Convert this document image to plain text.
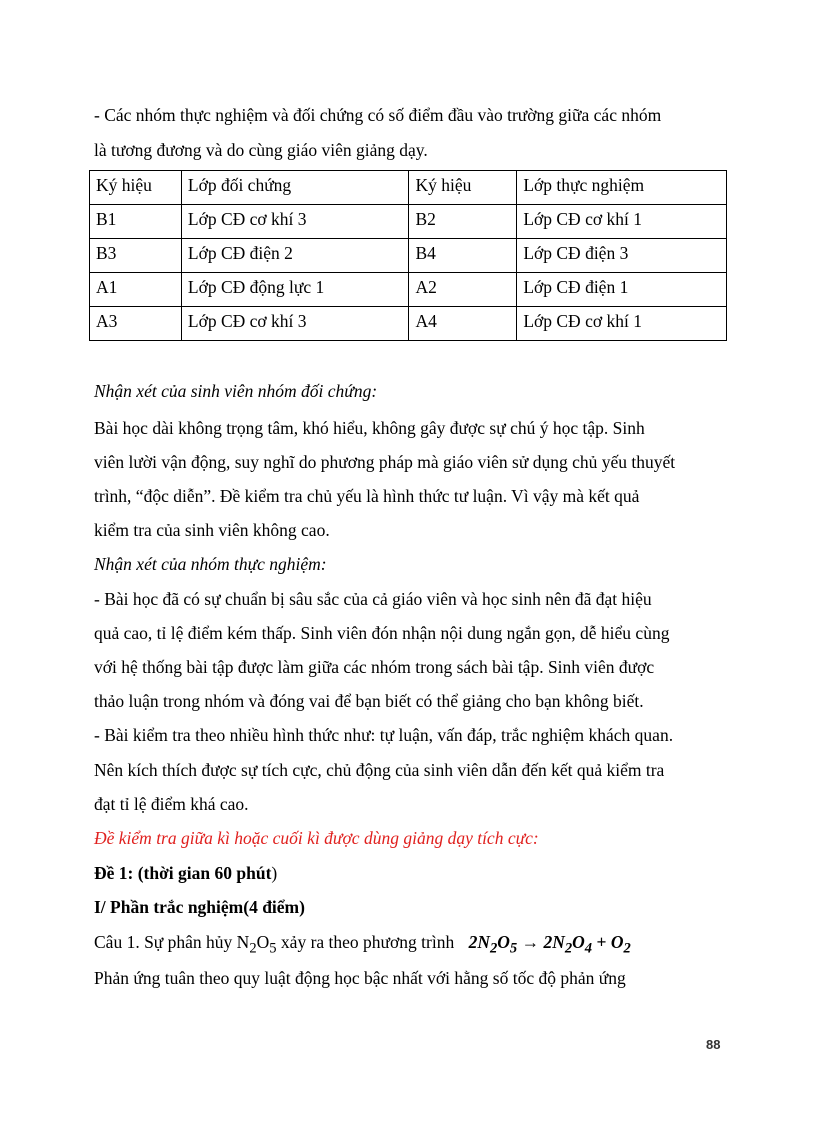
- Các nhóm thực nghiệm và đối chứng có số điểm đầu vào trường giữa các nhóm
là tương đương và do cùng giáo viên giảng dạy.
Ký hiệu	Lớp đối chứng	Ký hiệu	Lớp thực nghiệm
B1	Lớp CĐ cơ khí 3	B2	Lớp CĐ cơ khí 1
B3	Lớp CĐ điện 2	B4	Lớp CĐ điện 3
A1	Lớp CĐ động lực 1	A2	Lớp CĐ điện 1
A3	Lớp CĐ cơ khí 3	A4	Lớp CĐ cơ khí 1
Nhận xét của sinh viên nhóm đối chứng:
Bài học dài không trọng tâm, khó hiểu, không gây được sự chú ý học tập. Sinh
viên lười vận động, suy nghĩ do phương pháp mà giáo viên sử dụng chủ yếu thuyết
trình, “độc diễn”. Đề kiểm tra chủ yếu là hình thức tư luận. Vì vậy mà kết quả
kiểm tra của sinh viên không cao.
Nhận xét của nhóm thực nghiệm:
- Bài học đã có sự chuẩn bị sâu sắc của cả giáo viên và học sinh nên đã đạt hiệu
quả cao, tỉ lệ điểm kém thấp. Sinh viên đón nhận nội dung ngắn gọn, dễ hiểu cùng
với hệ thống bài tập được làm giữa các nhóm trong sách bài tập. Sinh viên được
thảo luận trong nhóm và đóng vai để bạn biết có thể giảng cho bạn không biết.
- Bài kiểm tra theo nhiều hình thức như: tự luận, vấn đáp, trắc nghiệm khách quan.
Nên kích thích được sự tích cực, chủ động của sinh viên dẫn đến kết quả kiểm tra
đạt tỉ lệ điểm khá cao.
Đề kiểm tra giữa kì hoặc cuối kì được dùng giảng dạy tích cực:
Đề 1: (thời gian 60 phút)
I/ Phần trắc nghiệm(4 điểm)
Câu 1. Sự phân hủy $N_2O_5$ xảy ra theo phương trình $2N_2O_5 \to 2N_2O_4 + O_2$
Phản ứng tuân theo quy luật động học bậc nhất với hằng số tốc độ phản ứng
88
